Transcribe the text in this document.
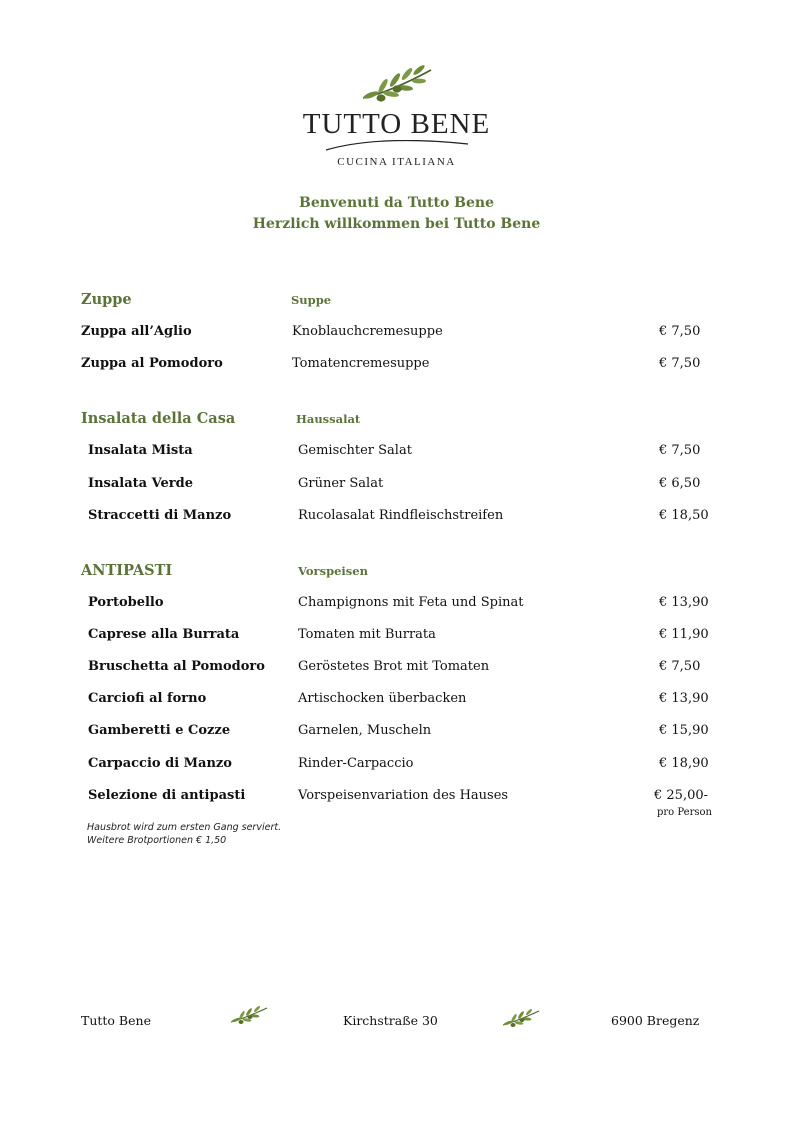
TUTTO BENE
CUCINA ITALIANA
Benvenuti da Tutto Bene
Herzlich willkommen bei Tutto Bene
Zuppe	Suppe
Zuppa all’Aglio	Knoblauchcremesuppe	€ 7,50
Zuppa al Pomodoro	Tomatencremesuppe	€ 7,50
Insalata della Casa	Haussalat
Insalata Mista	Gemischter Salat	€ 7,50
Insalata Verde	Grüner Salat	€ 6,50
Straccetti di Manzo	Rucolasalat Rindfleischstreifen	€ 18,50
ANTIPASTI	Vorspeisen
Portobello	Champignons mit Feta und Spinat	€ 13,90
Caprese alla Burrata	Tomaten mit Burrata	€ 11,90
Bruschetta al Pomodoro	Geröstetes Brot mit Tomaten	€ 7,50
Carciofi al forno	Artischocken überbacken	€ 13,90
Gamberetti e Cozze	Garnelen, Muscheln	€ 15,90
Carpaccio di Manzo	Rinder-Carpaccio	€ 18,90
Selezione di antipasti	Vorspeisenvariation des Hauses	€ 25,00-
pro Person
Hausbrot wird zum ersten Gang serviert.
Weitere Brotportionen € 1,50
Tutto Bene	Kirchstraße 30	6900 Bregenz
